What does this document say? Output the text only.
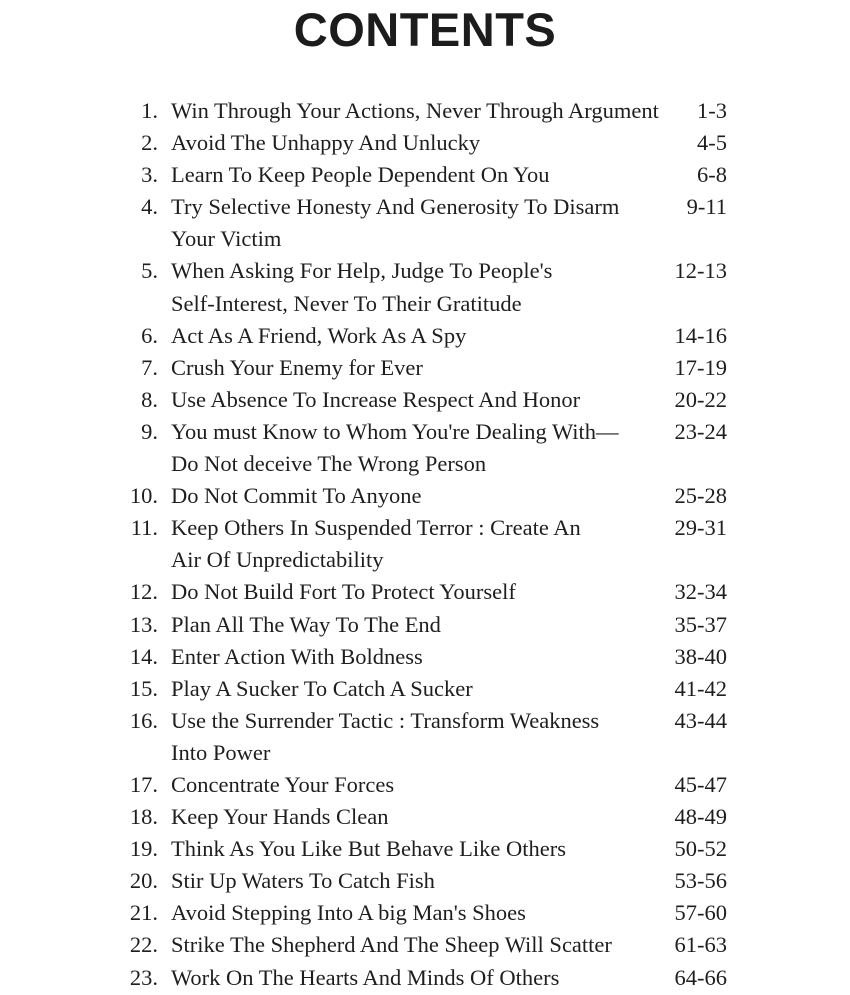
CONTENTS
1. Win Through Your Actions, Never Through Argument 1-3
2. Avoid The Unhappy And Unlucky	4-5
3. Learn To Keep People Dependent On You	6-8
4. Try Selective Honesty And Generosity To Disarm	9-11
Your Victim
5. When Asking For Help, Judge To People's	12-13
Self-Interest, Never To Their Gratitude
6. Act As A Friend, Work As A Spy	14-16
7. Crush Your Enemy for Ever	17-19
8. Use Absence To Increase Respect And Honor	20-22
9. You must Know to Whom You're Dealing With— 23-24
Do Not deceive The Wrong Person
10. Do Not Commit To Anyone	25-28
11. Keep Others In Suspended Terror : Create An	29-31
Air Of Unpredictability
12. Do Not Build Fort To Protect Yourself	32-34
13. Plan All The Way To The End	35-37
14. Enter Action With Boldness	38-40
15. Play A Sucker To Catch A Sucker	41-42
16. Use the Surrender Tactic : Transform Weakness	43-44
Into Power
17. Concentrate Your Forces	45-47
18. Keep Your Hands Clean	48-49
19. Think As You Like But Behave Like Others	50-52
20. Stir Up Waters To Catch Fish	53-56
21. Avoid Stepping Into A big Man's Shoes	57-60
22. Strike The Shepherd And The Sheep Will Scatter	61-63
23. Work On The Hearts And Minds Of Others	64-66
